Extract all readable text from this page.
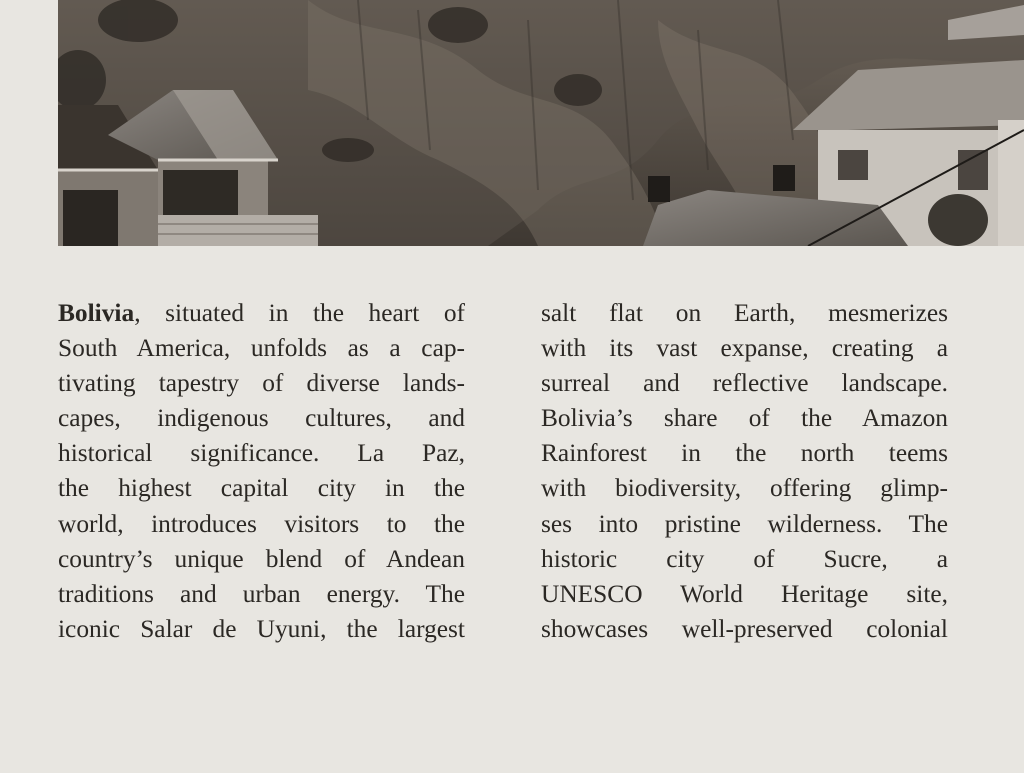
Bolivia, situated in the heart of
South America, unfolds as a cap-
tivating tapestry of diverse lands-
capes, indigenous cultures, and
historical significance. La Paz,
the highest capital city in the
world, introduces visitors to the
country’s unique blend of Andean
traditions and urban energy. The
iconic Salar de Uyuni, the largest
salt flat on Earth, mesmerizes
with its vast expanse, creating a
surreal and reflective landscape.
Bolivia’s share of the Amazon
Rainforest in the north teems
with biodiversity, offering glimp-
ses into pristine wilderness. The
historic city of Sucre, a
UNESCO World Heritage site,
showcases well-preserved colonial
